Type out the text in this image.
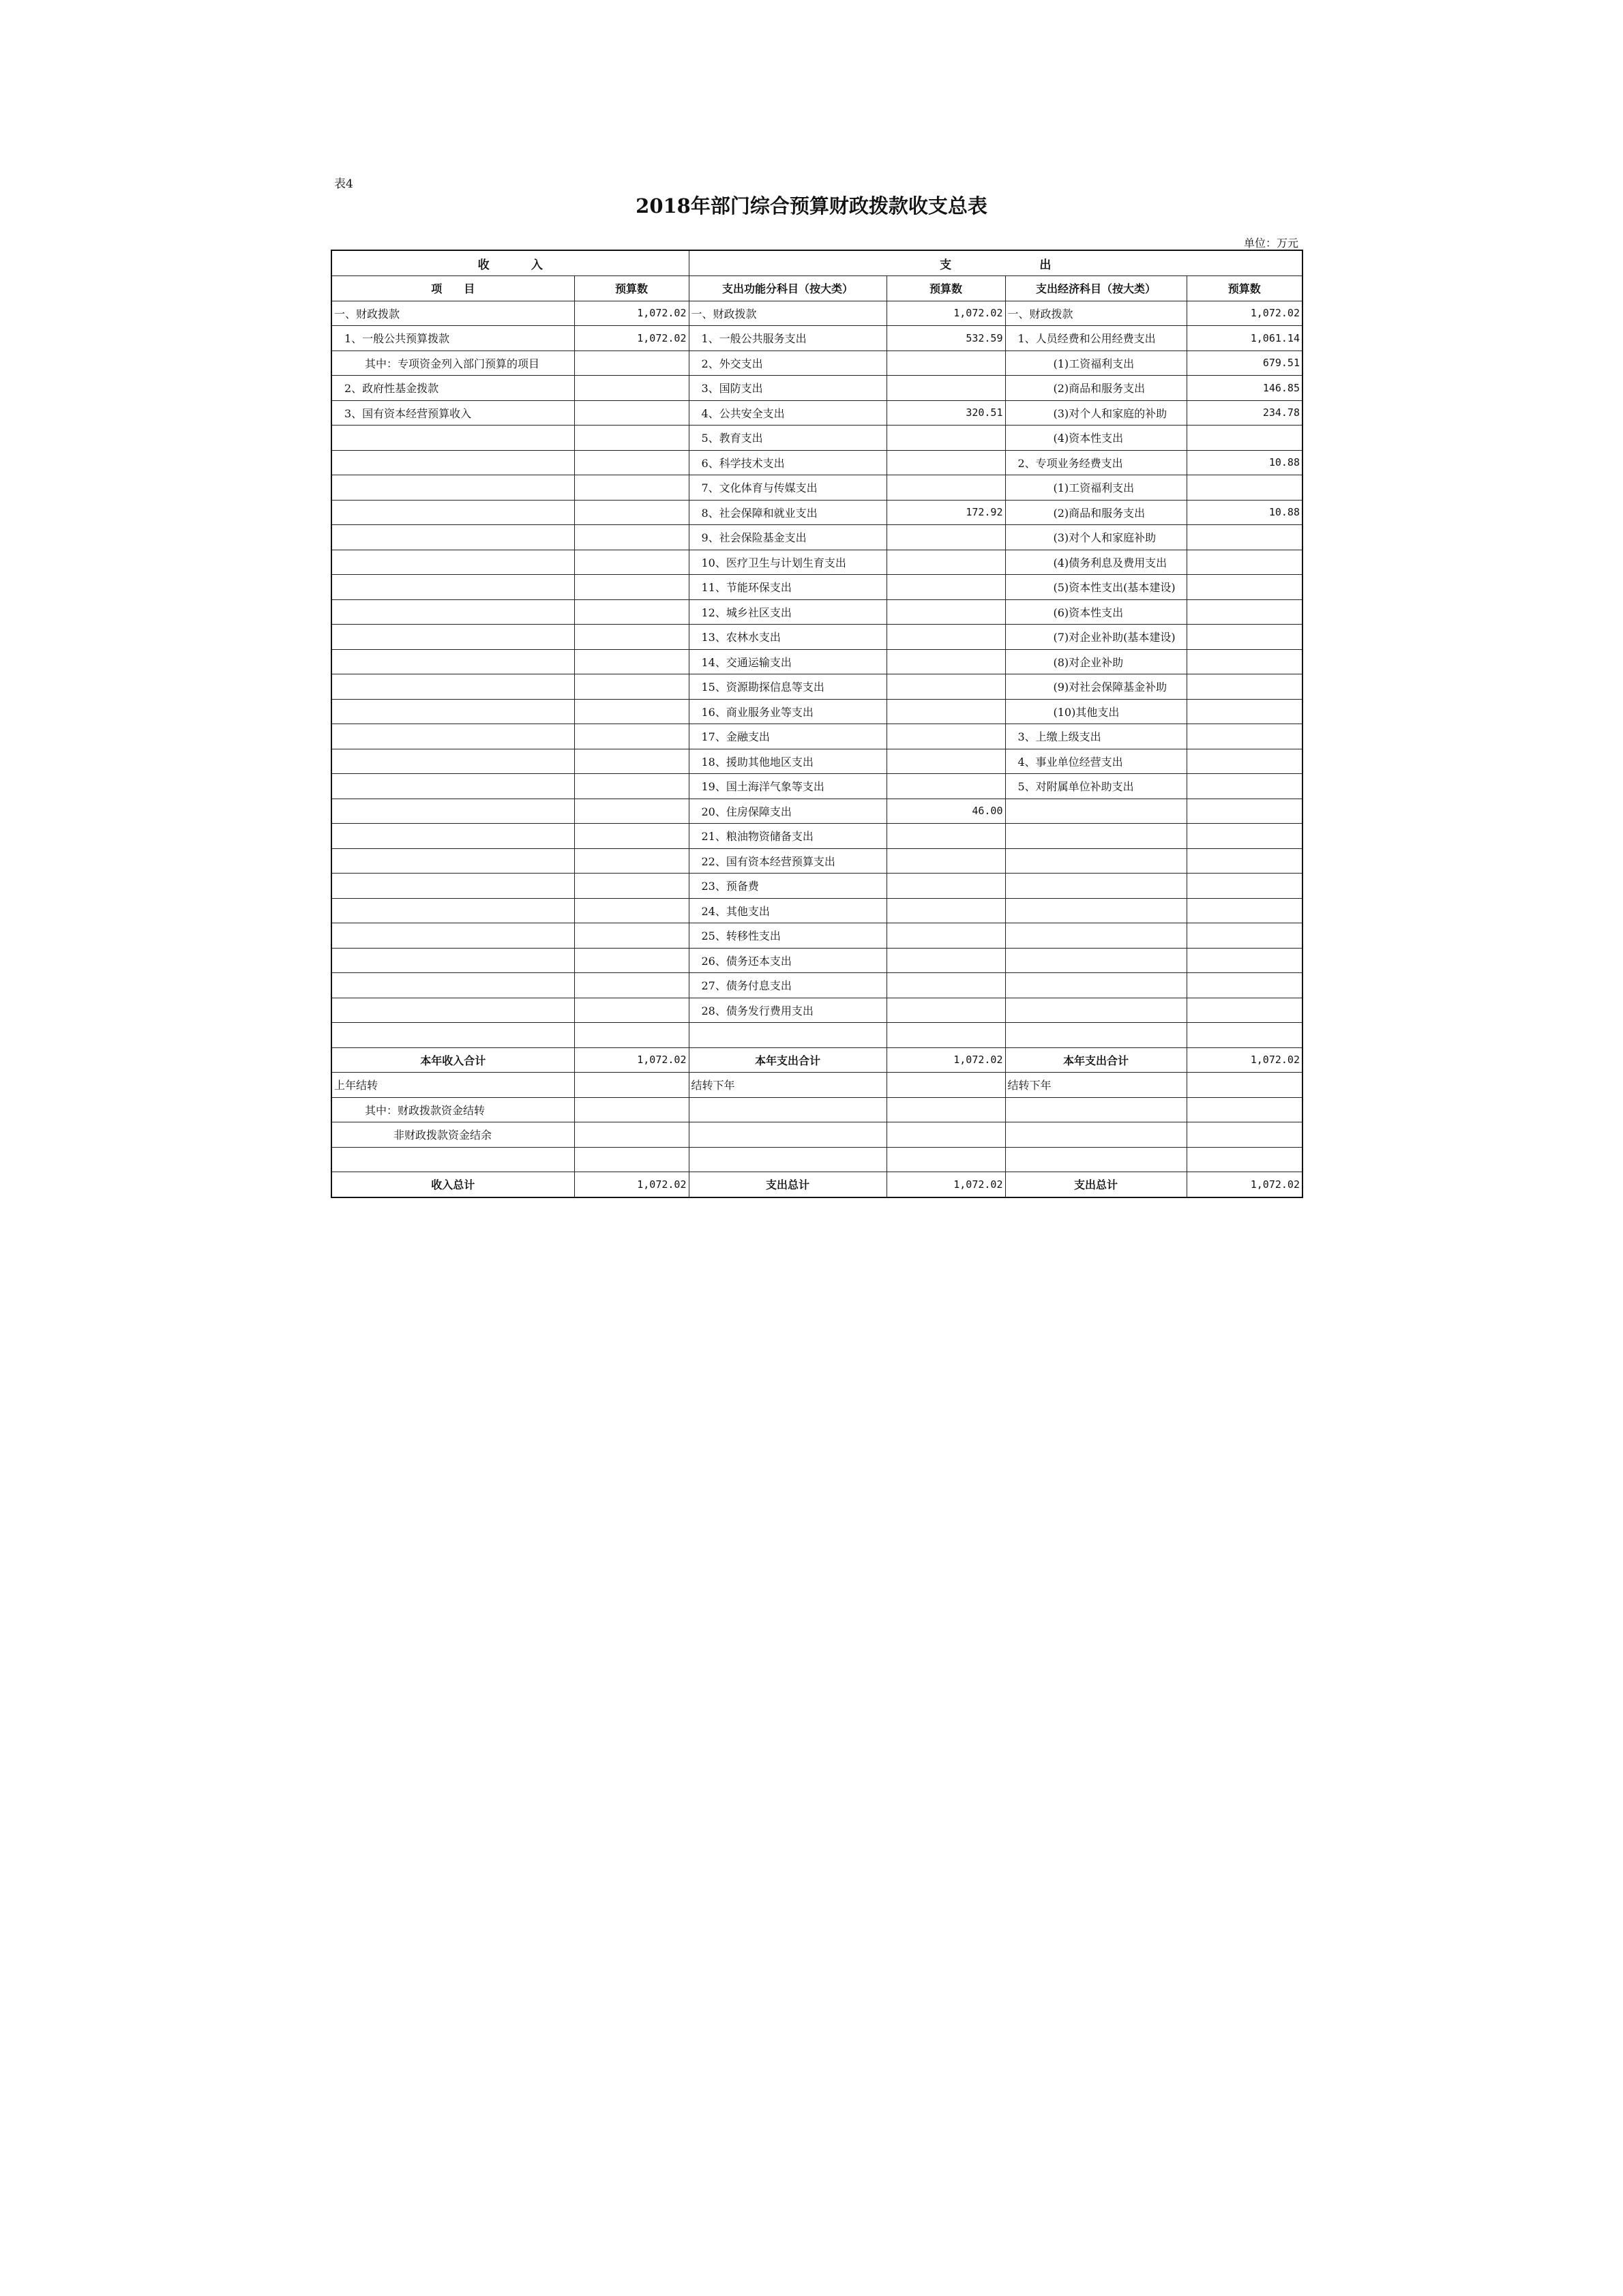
表4
2018年部门综合预算财政拨款收支总表
单位：万元
收 入		支 出			

项　　目	预算数	支出功能分科目（按大类）	预算数	支出经济科目（按大类）	预算数
一、财政拨款	1,072.02	一、财政拨款	1,072.02	一、财政拨款	1,072.02
1、一般公共预算拨款	1,072.02	1、一般公共服务支出	532.59	1、人员经费和公用经费支出	1,061.14
其中：专项资金列入部门预算的项目		2、外交支出		(1)工资福利支出	679.51
2、政府性基金拨款		3、国防支出		(2)商品和服务支出	146.85
3、国有资本经营预算收入		4、公共安全支出	320.51	(3)对个人和家庭的补助	234.78
		5、教育支出		(4)资本性支出	
		6、科学技术支出		2、专项业务经费支出	10.88
		7、文化体育与传媒支出		(1)工资福利支出	
		8、社会保障和就业支出	172.92	(2)商品和服务支出	10.88
		9、社会保险基金支出		(3)对个人和家庭补助	
		10、医疗卫生与计划生育支出		(4)债务利息及费用支出	
		11、节能环保支出		(5)资本性支出(基本建设)	
		12、城乡社区支出		(6)资本性支出	
		13、农林水支出		(7)对企业补助(基本建设)	
		14、交通运输支出		(8)对企业补助	
		15、资源勘探信息等支出		(9)对社会保障基金补助	
		16、商业服务业等支出		(10)其他支出	
		17、金融支出		3、上缴上级支出	
		18、援助其他地区支出		4、事业单位经营支出	
		19、国土海洋气象等支出		5、对附属单位补助支出	
		20、住房保障支出	46.00		
		21、粮油物资储备支出			
		22、国有资本经营预算支出			
		23、预备费			
		24、其他支出			
		25、转移性支出			
		26、债务还本支出			
		27、债务付息支出			
		28、债务发行费用支出			

本年收入合计	1,072.02	本年支出合计	1,072.02	本年支出合计	1,072.02
上年结转		结转下年		结转下年	
其中：财政拨款资金结转					
非财政拨款资金结余					

收入总计	1,072.02	支出总计	1,072.02	支出总计	1,072.02
